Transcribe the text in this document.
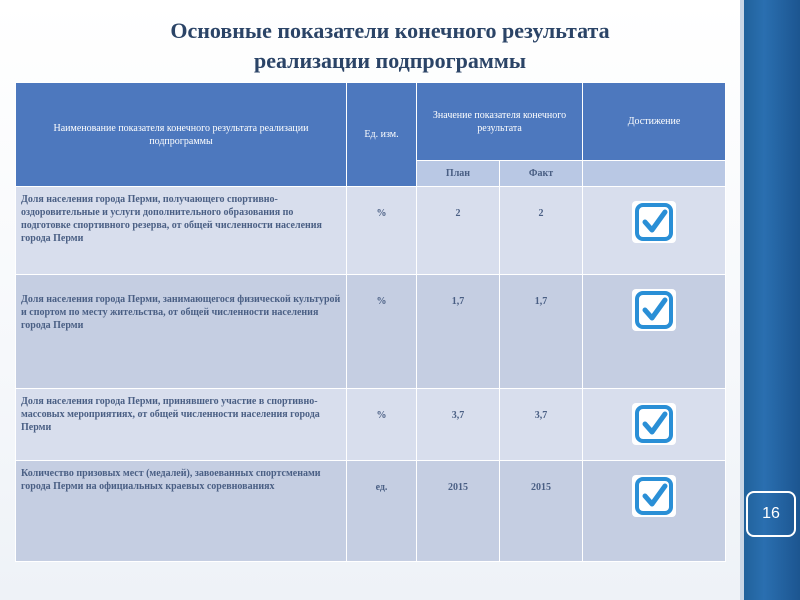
16
Основные показатели конечного результата
реализации подпрограммы
Наименование показателя конечного результата реализации подпрограммы	Ед. изм.	Значение показателя конечного результата		Достижение
		План	Факт	
Доля населения города Перми, получающего спортивно-оздоровительные и услуги дополнительного образования по подготовке спортивного резерва, от общей численности населения города Перми	%	2	2	

Доля населения города Перми, занимающегося физической культурой и спортом по месту жительства, от общей численности населения города Перми	%	1,7	1,7	

Доля населения города Перми, принявшего участие в спортивно-массовых мероприятиях, от общей численности населения города Перми	%	3,7	3,7	

Количество призовых мест (медалей), завоеванных спортсменами города Перми на официальных краевых соревнованиях	ед.	2015	2015	
